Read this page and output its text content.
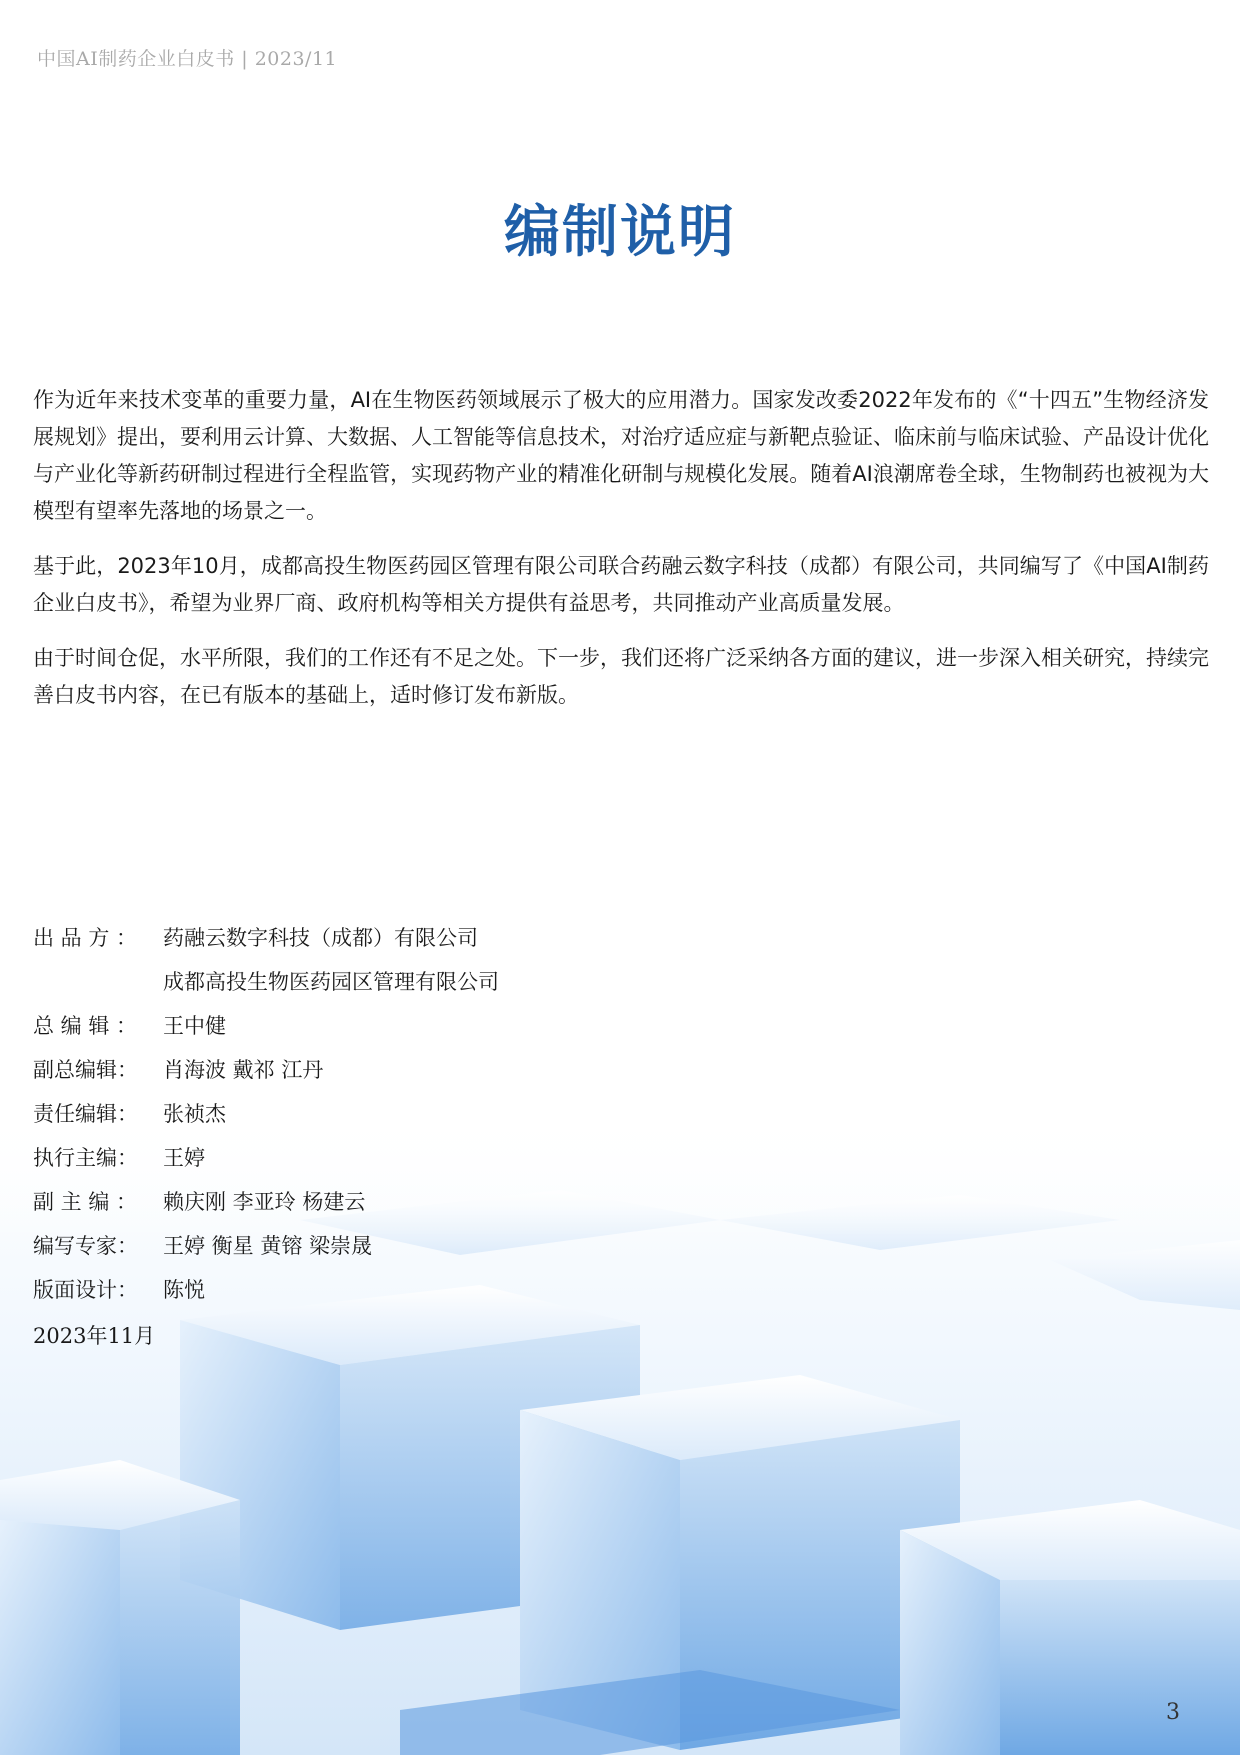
中国AI制药企业白皮书 | 2023/11
编制说明

作为近年来技术变革的重要力量，AI在生物医药领域展示了极大的应用潜力。国家发改委2022年发布的《“十四五”生物经济发展规划》提出，要利用云计算、大数据、人工智能等信息技术，对治疗适应症与新靶点验证、临床前与临床试验、产品设计优化与产业化等新药研制过程进行全程监管，实现药物产业的精准化研制与规模化发展。随着AI浪潮席卷全球，生物制药也被视为大模型有望率先落地的场景之一。

基于此，2023年10月，成都高投生物医药园区管理有限公司联合药融云数字科技（成都）有限公司，共同编写了《中国AI制药企业白皮书》，希望为业界厂商、政府机构等相关方提供有益思考，共同推动产业高质量发展。

由于时间仓促，水平所限，我们的工作还有不足之处。下一步，我们还将广泛采纳各方面的建议，进一步深入相关研究，持续完善白皮书内容，在已有版本的基础上，适时修订发布新版。

出 品 方 ：	药融云数字科技（成都）有限公司
成都高投生物医药园区管理有限公司
总 编 辑 ：	王中健
副总编辑：	肖海波 戴祁 江丹
责任编辑：	张祯杰
执行主编：	王婷
副 主 编 ：	赖庆刚 李亚玲 杨建云
编写专家：	王婷 衡星 黄镕 梁崇晟
版面设计：	陈悦
2023年11月
3
